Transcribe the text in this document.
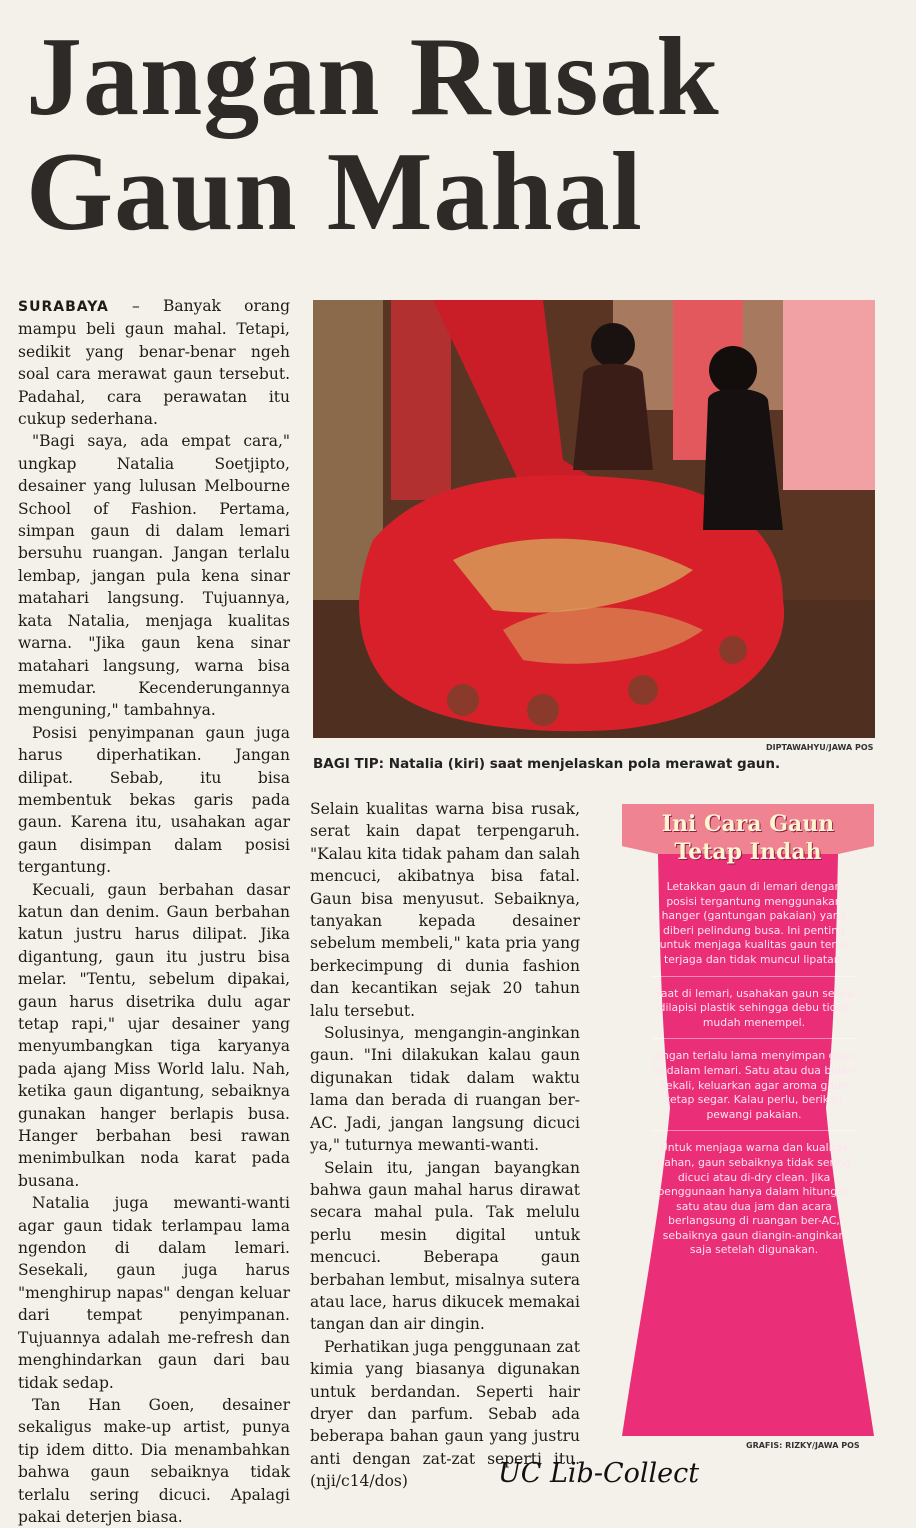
Jangan Rusak
Gaun Mahal

SURABAYA – Banyak orang mampu beli gaun mahal. Tetapi, sedikit yang benar-benar ngeh soal cara merawat gaun tersebut. Padahal, cara perawatan itu cukup sederhana.

"Bagi saya, ada empat cara," ungkap Natalia Soetjipto, desainer yang lulusan Melbourne School of Fashion. Pertama, simpan gaun di dalam lemari bersuhu ruangan. Jangan terlalu lembap, jangan pula kena sinar matahari langsung. Tujuannya, kata Natalia, menjaga kualitas warna. "Jika gaun kena sinar matahari langsung, warna bisa memudar. Kecenderungannya menguning," tambahnya.

Posisi penyimpanan gaun juga harus diperhatikan. Jangan dilipat. Sebab, itu bisa membentuk bekas garis pada gaun. Karena itu, usahakan agar gaun disimpan dalam posisi tergantung.

Kecuali, gaun berbahan dasar katun dan denim. Gaun berbahan katun justru harus dilipat. Jika digantung, gaun itu justru bisa melar. "Tentu, sebelum dipakai, gaun harus disetrika dulu agar tetap rapi," ujar desainer yang menyumbangkan tiga karyanya pada ajang Miss World lalu. Nah, ketika gaun digantung, sebaiknya gunakan hanger berlapis busa. Hanger berbahan besi rawan menimbulkan noda karat pada busana.

Natalia juga mewanti-wanti agar gaun tidak terlampau lama ngendon di dalam lemari. Sesekali, gaun juga harus "menghirup napas" dengan keluar dari tempat penyimpanan. Tujuannya adalah me-refresh dan menghindarkan gaun dari bau tidak sedap.

Tan Han Goen, desainer sekaligus make-up artist, punya tip idem ditto. Dia menambahkan bahwa gaun sebaiknya tidak terlalu sering dicuci. Apalagi pakai deterjen biasa.

DIPTAWAHYU/JAWA POS
BAGI TIP: Natalia (kiri) saat menjelaskan pola merawat gaun.

Selain kualitas warna bisa rusak, serat kain dapat terpengaruh. "Kalau kita tidak paham dan salah mencuci, akibatnya bisa fatal. Gaun bisa menyusut. Sebaiknya, tanyakan kepada desainer sebelum membeli," kata pria yang berkecimpung di dunia fashion dan kecantikan sejak 20 tahun lalu tersebut.

Solusinya, mengangin-anginkan gaun. "Ini dilakukan kalau gaun digunakan tidak dalam waktu lama dan berada di ruangan ber-AC. Jadi, jangan langsung dicuci ya," tuturnya mewanti-wanti.

Selain itu, jangan bayangkan bahwa gaun mahal harus dirawat secara mahal pula. Tak melulu perlu mesin digital untuk mencuci. Beberapa gaun berbahan lembut, misalnya sutera atau lace, harus dikucek memakai tangan dan air dingin.

Perhatikan juga penggunaan zat kimia yang biasanya digunakan untuk berdandan. Seperti hair dryer dan parfum. Sebab ada beberapa bahan gaun yang justru anti dengan zat-zat seperti itu. (nji/c14/dos)

Ini Cara Gaun
Tetap Indah

Letakkan gaun di lemari dengan posisi tergantung menggunakan hanger (gantungan pakaian) yang diberi pelindung busa. Ini penting untuk menjaga kualitas gaun terus terjaga dan tidak muncul lipatan.

Saat di lemari, usahakan gaun selalu dilapisi plastik sehingga debu tidak mudah menempel.

Jangan terlalu lama menyimpan gaun di dalam lemari. Satu atau dua bulan sekali, keluarkan agar aroma gaun tetap segar. Kalau perlu, berikan pewangi pakaian.

Untuk menjaga warna dan kualitas bahan, gaun sebaiknya tidak sering dicuci atau di-dry clean. Jika penggunaan hanya dalam hitungan satu atau dua jam dan acara berlangsung di ruangan ber-AC, sebaiknya gaun diangin-anginkan saja setelah digunakan.

GRAFIS: RIZKY/JAWA POS
UC Lib-Collect
